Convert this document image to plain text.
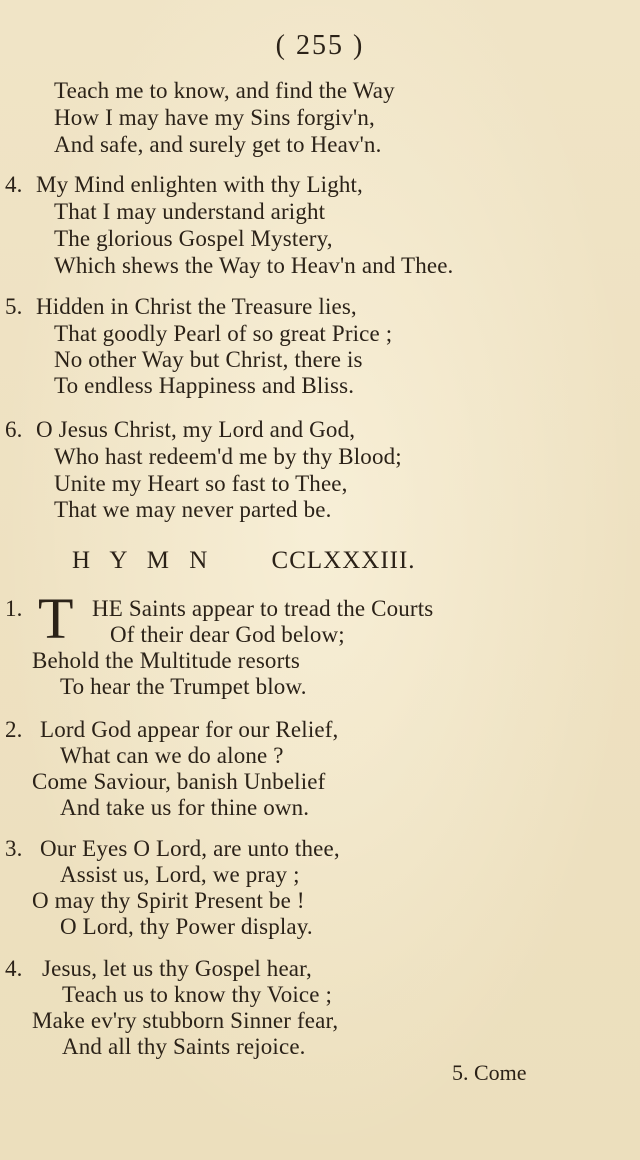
( 255 )
Teach me to know, and find the Way
How I may have my Sins forgiv'n,
And safe, and surely get to Heav'n.
4. My Mind enlighten with thy Light,
That I may understand aright
The glorious Gospel Mystery,
Which shews the Way to Heav'n and Thee.
5. Hidden in Christ the Treasure lies,
That goodly Pearl of so great Price ;
No other Way but Christ, there is
To endless Happiness and Bliss.
6. O Jesus Christ, my Lord and God,
Who hast redeem'd me by thy Blood;
Unite my Heart so fast to Thee,
That we may never parted be.
H Y M N CCLXXXIII.
1. T HE Saints appear to tread the Courts
Of their dear God below;
Behold the Multitude resorts
To hear the Trumpet blow.
2. Lord God appear for our Relief,
What can we do alone ?
Come Saviour, banish Unbelief
And take us for thine own.
3. Our Eyes O Lord, are unto thee,
Assist us, Lord, we pray ;
O may thy Spirit Present be !
O Lord, thy Power display.
4. Jesus, let us thy Gospel hear,
Teach us to know thy Voice ;
Make ev'ry stubborn Sinner fear,
And all thy Saints rejoice.
5. Come
